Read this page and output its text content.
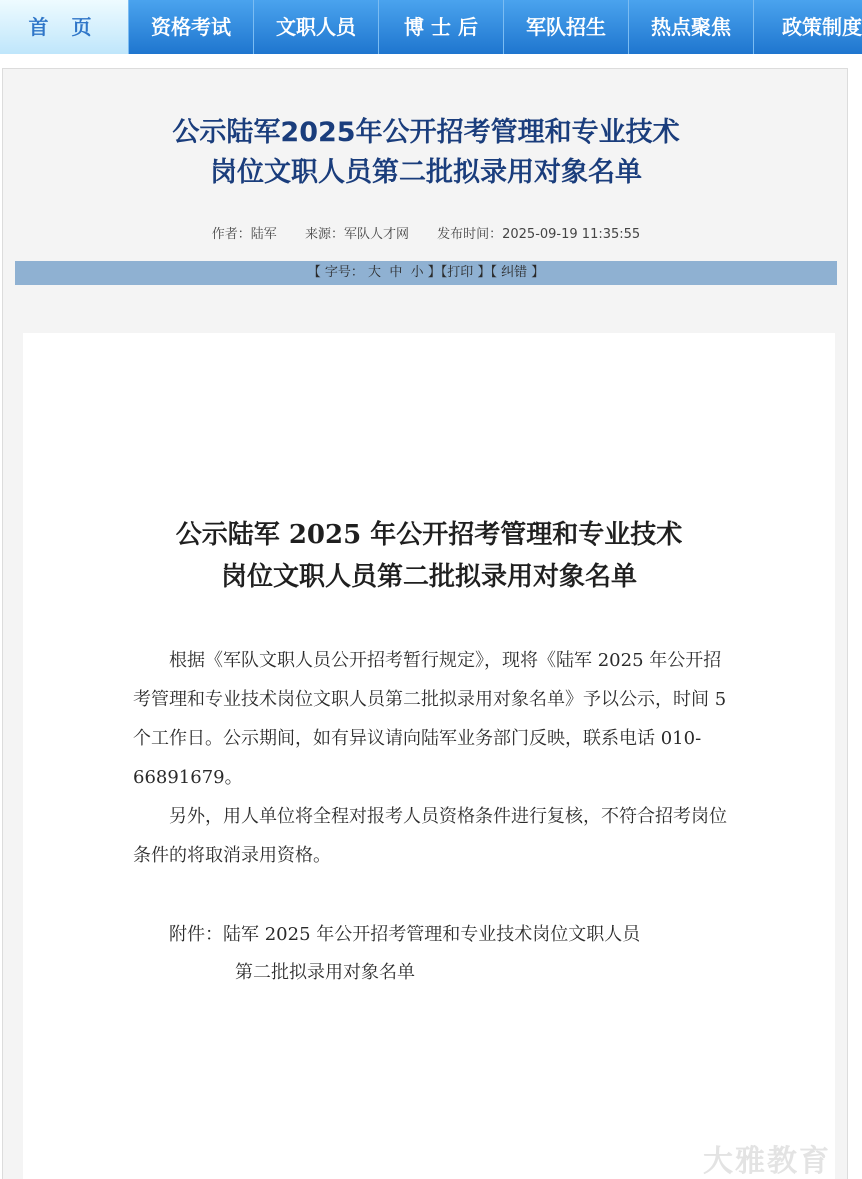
首 页	资格考试	文职人员	博 士 后	军队招生	热点聚焦	政策制度
公示陆军2025年公开招考管理和专业技术
岗位文职人员第二批拟录用对象名单
作者：陆军 来源：军队人才网 发布时间：2025-09-19 11:35:55
【 字号： 大 中 小 】【打印 】【 纠错 】
公示陆军 2025 年公开招考管理和专业技术
岗位文职人员第二批拟录用对象名单

根据《军队文职人员公开招考暂行规定》，现将《陆军 2025 年公开招考管理和专业技术岗位文职人员第二批拟录用对象名单》予以公示，时间 5 个工作日。公示期间，如有异议请向陆军业务部门反映，联系电话 010-66891679。

另外，用人单位将全程对报考人员资格条件进行复核，不符合招考岗位条件的将取消录用资格。

附件：陆军 2025 年公开招考管理和专业技术岗位文职人员
第二批拟录用对象名单
大雅教育
